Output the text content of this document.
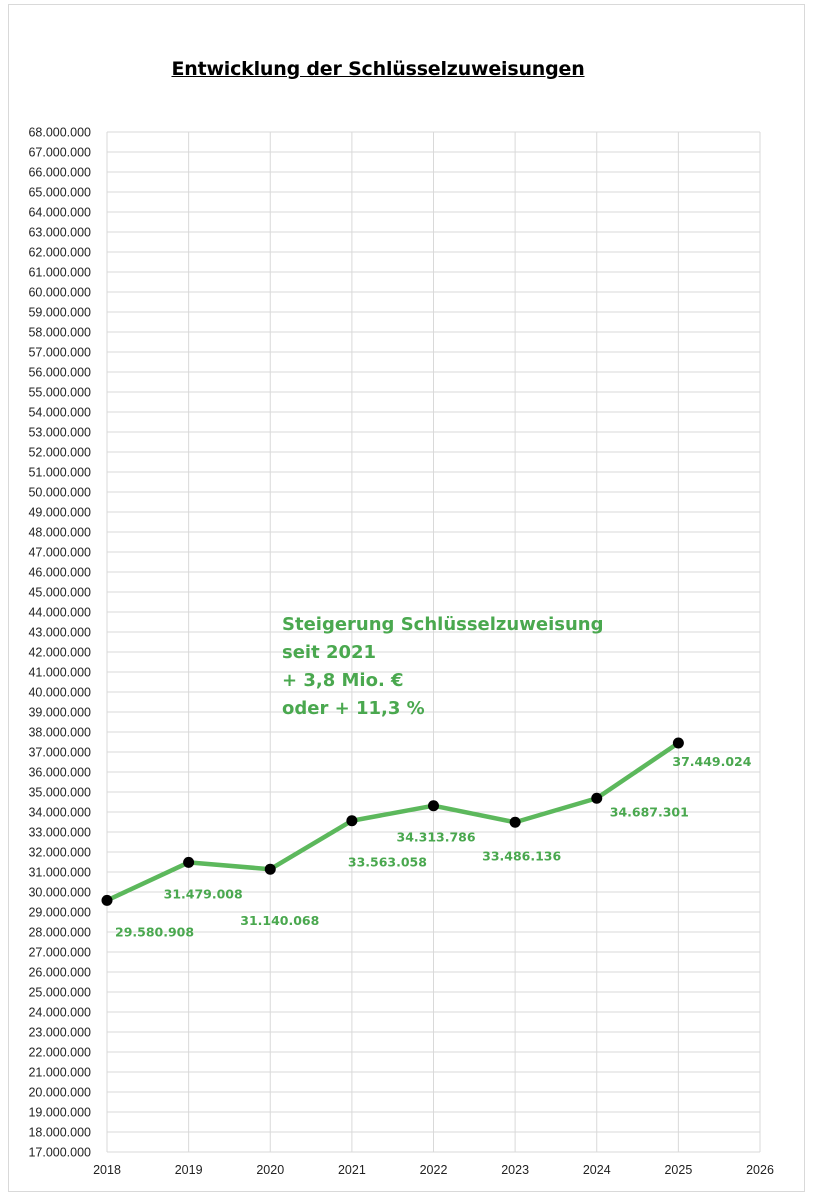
Entwicklung der Schlüsselzuweisungen
17.000.000
18.000.000
19.000.000
20.000.000
21.000.000
22.000.000
23.000.000
24.000.000
25.000.000
26.000.000
27.000.000
28.000.000
29.000.000
30.000.000
31.000.000
32.000.000
33.000.000
34.000.000
35.000.000
36.000.000
37.000.000
38.000.000
39.000.000
40.000.000
41.000.000
42.000.000
43.000.000
44.000.000
45.000.000
46.000.000
47.000.000
48.000.000
49.000.000
50.000.000
51.000.000
52.000.000
53.000.000
54.000.000
55.000.000
56.000.000
57.000.000
58.000.000
59.000.000
60.000.000
61.000.000
62.000.000
63.000.000
64.000.000
65.000.000
66.000.000
67.000.000
68.000.000
2018	2019	2020	2021	2022	2023	2024	2025	2026
29.580.908
31.479.008
31.140.068
33.563.058
34.313.786
33.486.136
34.687.301
37.449.024
Steigerung Schlüsselzuweisung
seit 2021
+ 3,8 Mio. €
oder + 11,3 %
